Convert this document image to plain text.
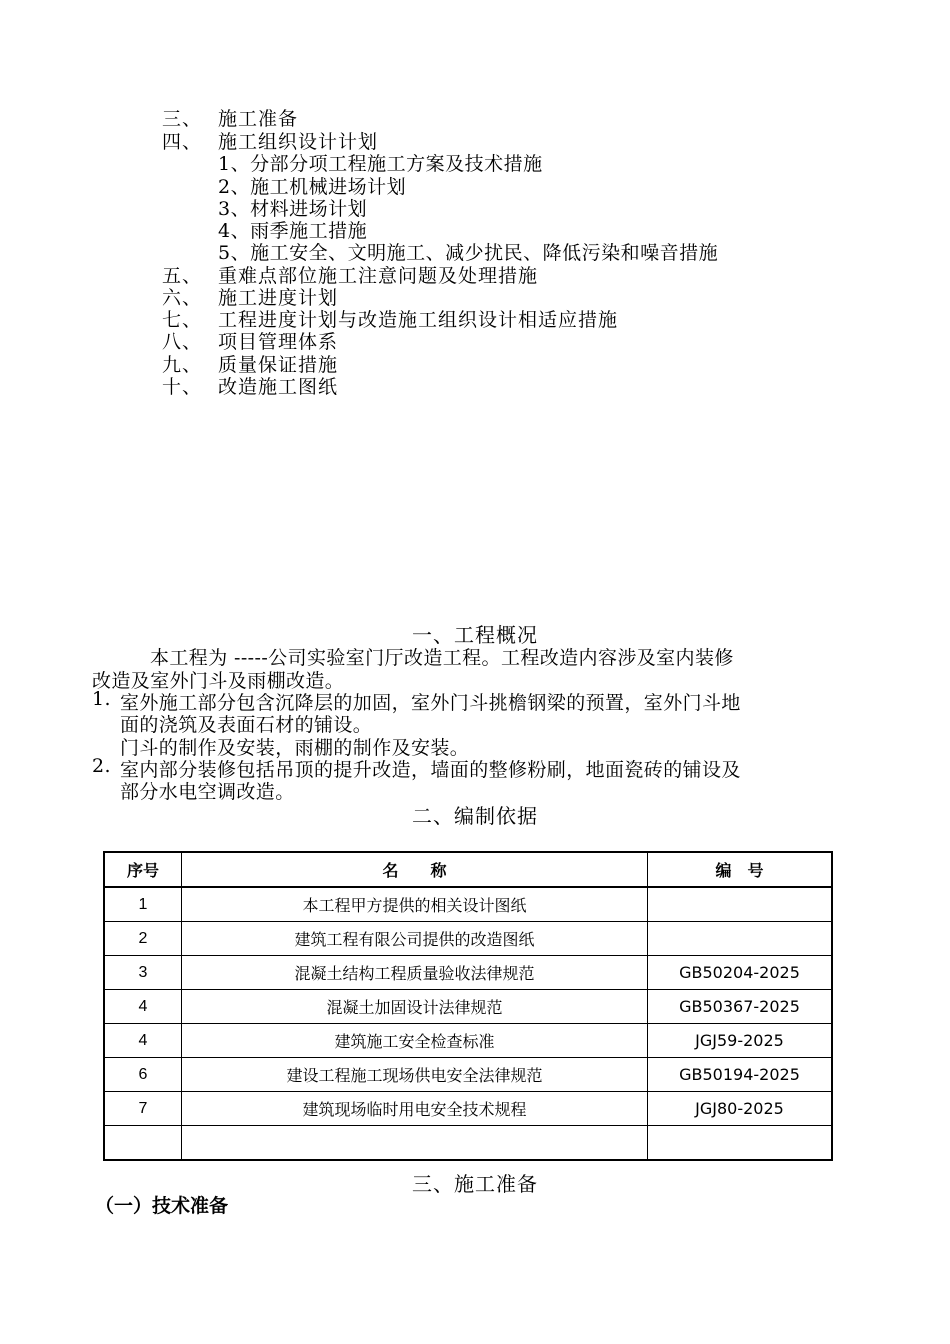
三、 施工准备
四、 施工组织设计计划
1、分部分项工程施工方案及技术措施
2、施工机械进场计划
3、材料进场计划
4、雨季施工措施
5、施工安全、文明施工、减少扰民、降低污染和噪音措施
五、 重难点部位施工注意问题及处理措施
六、 施工进度计划
七、 工程进度计划与改造施工组织设计相适应措施
八、 项目管理体系
九、 质量保证措施
十、 改造施工图纸
一、工程概况
本工程为 -----公司实验室门厅改造工程。工程改造内容涉及室内装修
改造及室外门斗及雨棚改造。
1. 室外施工部分包含沉降层的加固，室外门斗挑檐钢梁的预置，室外门斗地
面的浇筑及表面石材的铺设。
门斗的制作及安装，雨棚的制作及安装。
2. 室内部分装修包括吊顶的提升改造，墙面的整修粉刷，地面瓷砖的铺设及
部分水电空调改造。
二、编制依据
序号	名　　称	编　号
1	本工程甲方提供的相关设计图纸	
2	建筑工程有限公司提供的改造图纸	
3	混凝土结构工程质量验收法律规范	GB50204-2025
4	混凝土加固设计法律规范	GB50367-2025
4	建筑施工安全检查标准	JGJ59-2025
6	建设工程施工现场供电安全法律规范	GB50194-2025
7	建筑现场临时用电安全技术规程	JGJ80-2025

三、施工准备
（一）技术准备
